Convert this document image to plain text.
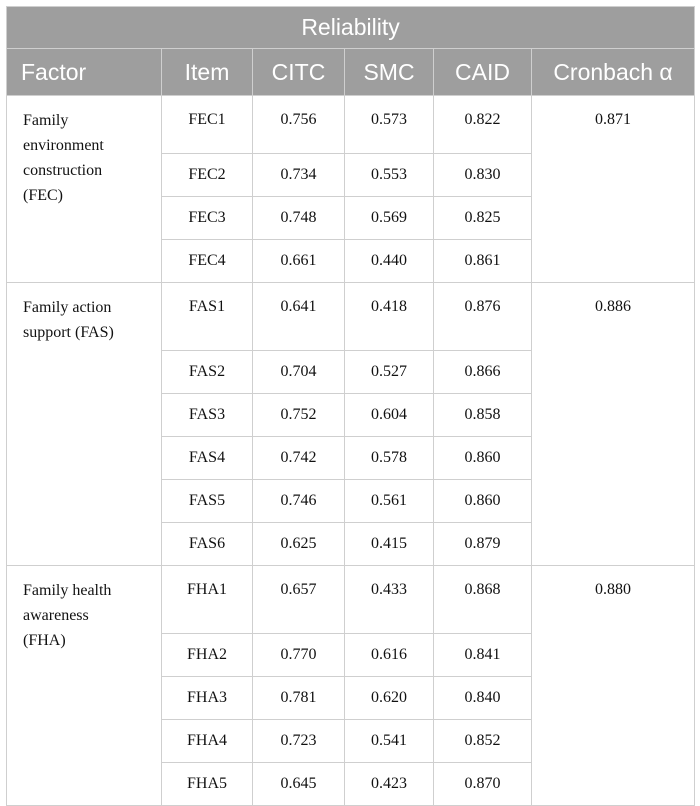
Reliability					
Factor	Item	CITC	SMC	CAID	Cronbach α

Family
environment
construction
(FEC)	FEC1	0.756	0.573	0.822	0.871
	FEC2	0.734	0.553	0.830	
	FEC3	0.748	0.569	0.825	
	FEC4	0.661	0.440	0.861	

Family action
support (FAS)	FAS1	0.641	0.418	0.876	0.886
	FAS2	0.704	0.527	0.866	
	FAS3	0.752	0.604	0.858	
	FAS4	0.742	0.578	0.860	
	FAS5	0.746	0.561	0.860	
	FAS6	0.625	0.415	0.879	

Family health
awareness
(FHA)	FHA1	0.657	0.433	0.868	0.880
	FHA2	0.770	0.616	0.841	
	FHA3	0.781	0.620	0.840	
	FHA4	0.723	0.541	0.852	
	FHA5	0.645	0.423	0.870	
